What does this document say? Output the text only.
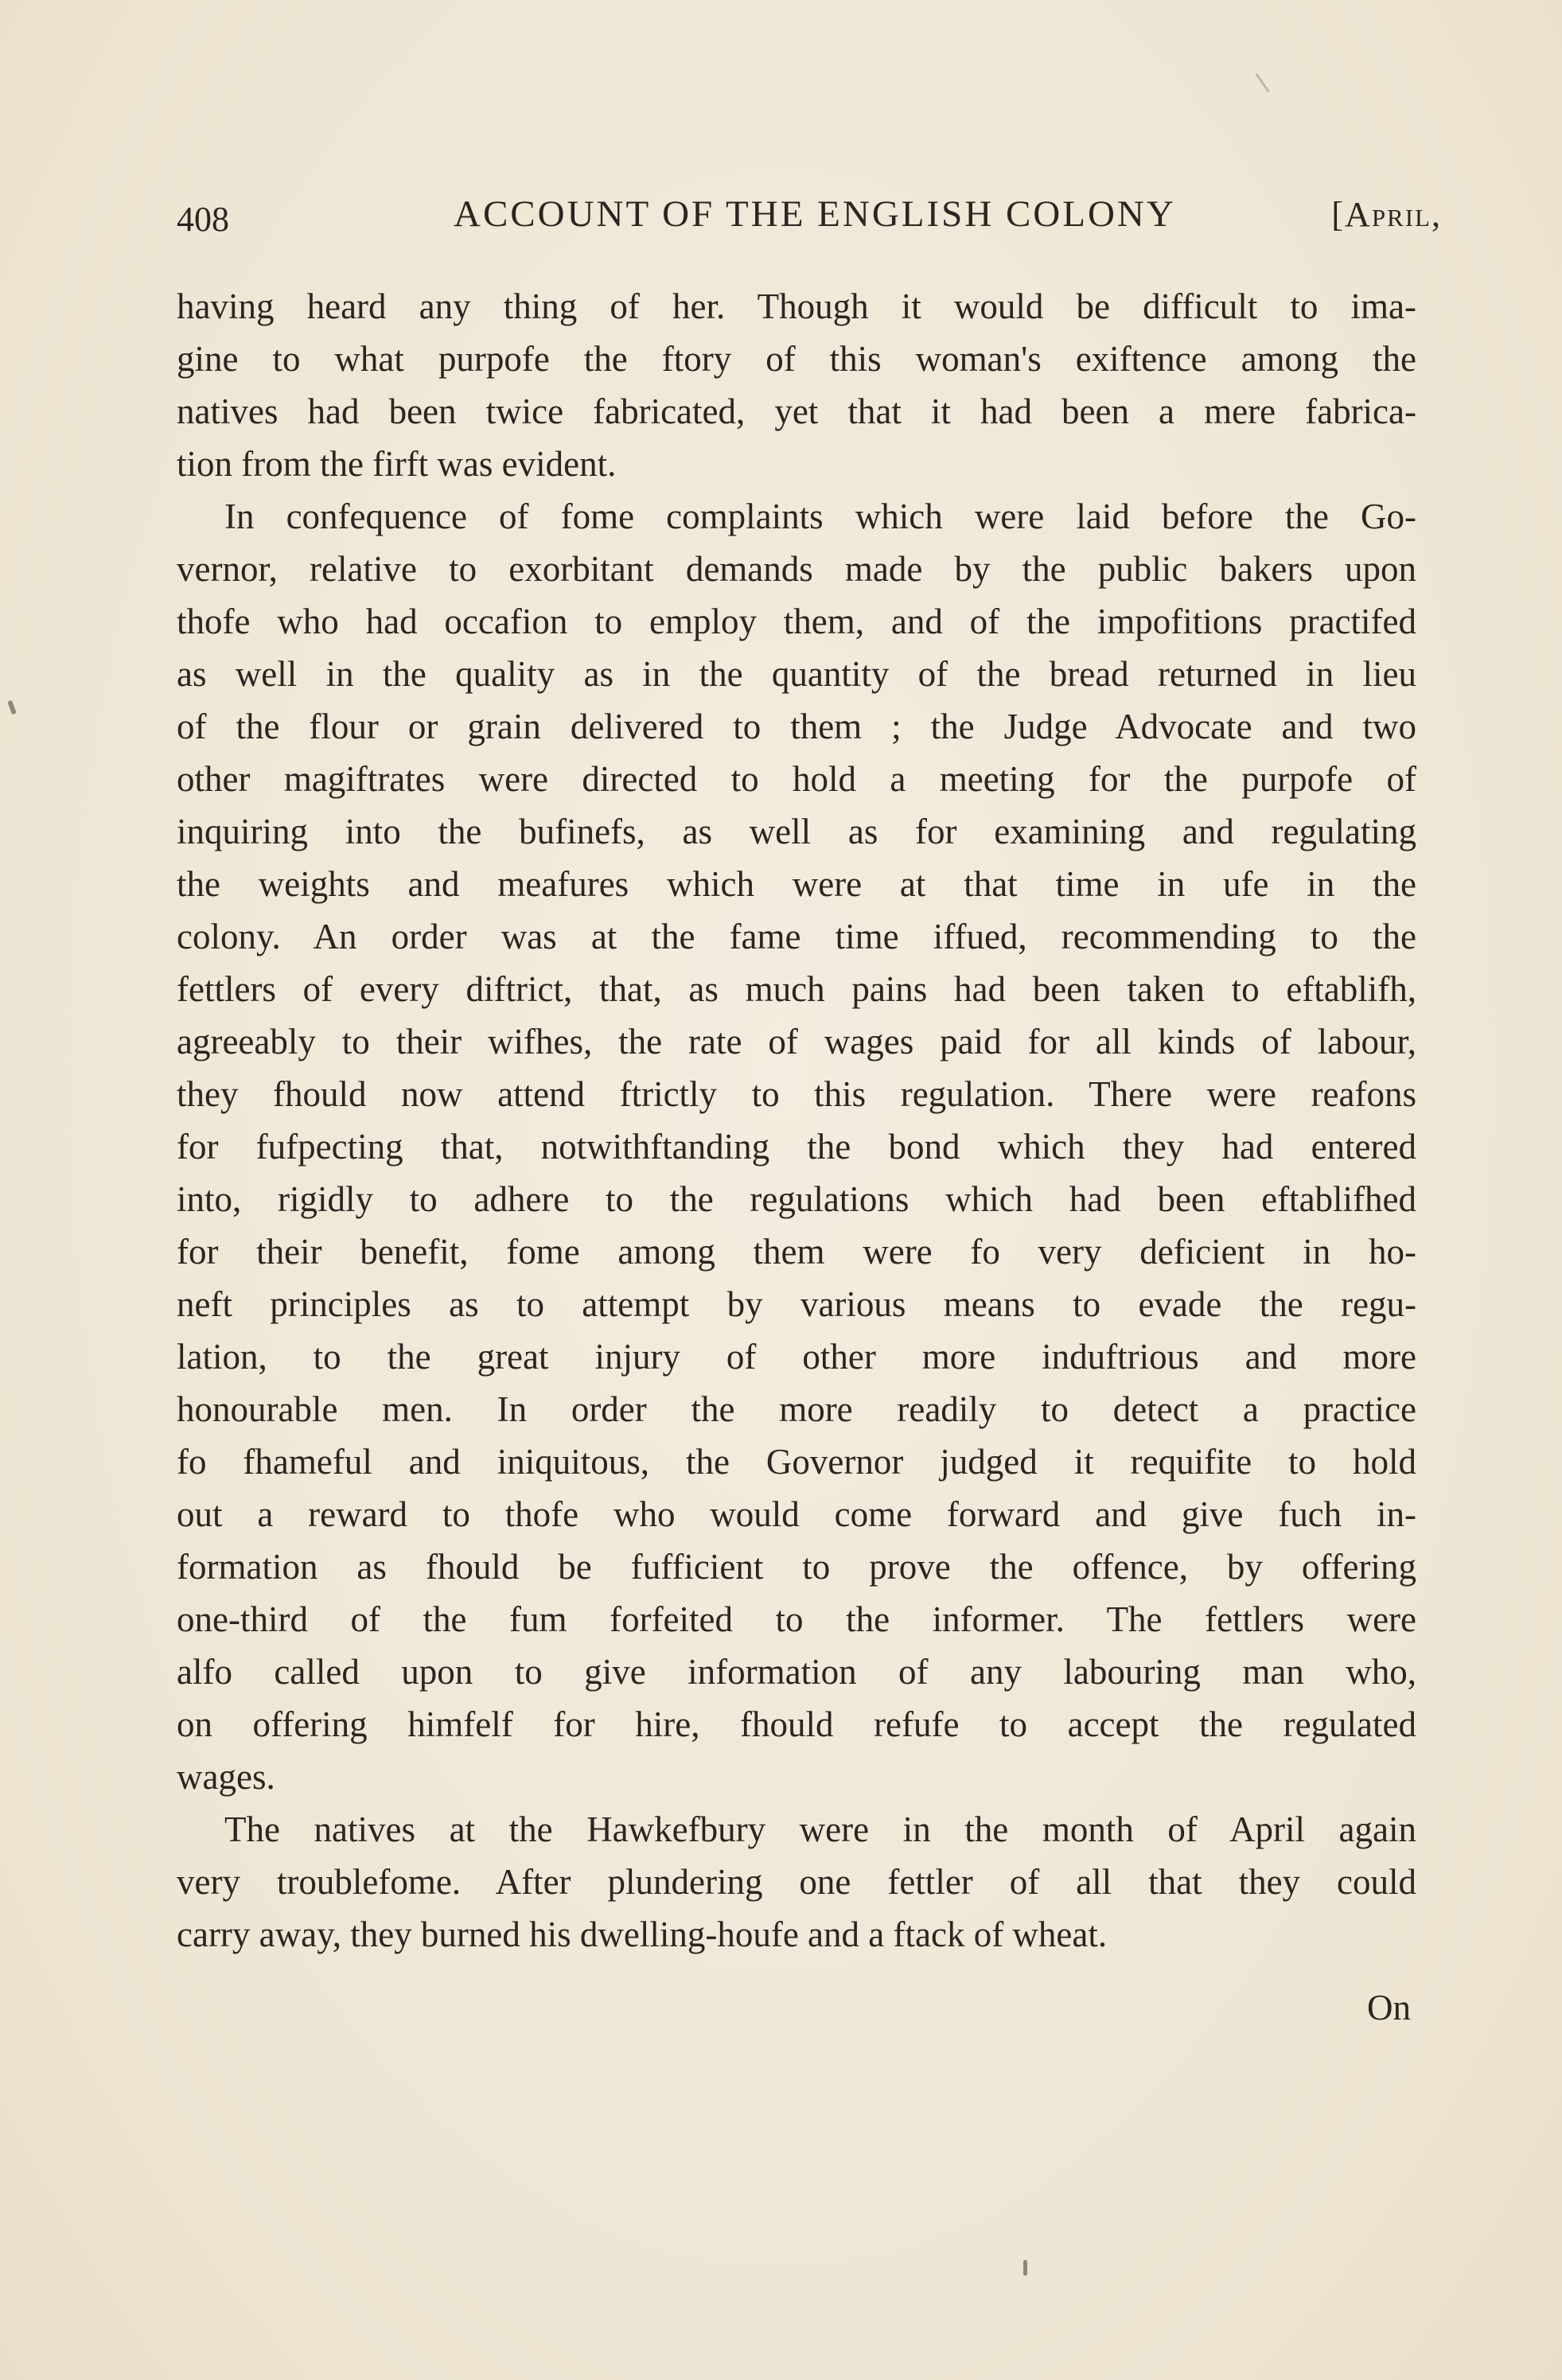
408	ACCOUNT OF THE ENGLISH COLONY	[April,
having heard any thing of her. Though it would be difficult to ima-
gine to what purpofe the ftory of this woman's exiftence among the
natives had been twice fabricated, yet that it had been a mere fabrica-
tion from the firft was evident.
In confequence of fome complaints which were laid before the Go-
vernor, relative to exorbitant demands made by the public bakers upon
thofe who had occafion to employ them, and of the impofitions practifed
as well in the quality as in the quantity of the bread returned in lieu
of the flour or grain delivered to them ; the Judge Advocate and two
other magiftrates were directed to hold a meeting for the purpofe of
inquiring into the bufinefs, as well as for examining and regulating
the weights and meafures which were at that time in ufe in the
colony. An order was at the fame time iffued, recommending to the
fettlers of every diftrict, that, as much pains had been taken to eftablifh,
agreeably to their wifhes, the rate of wages paid for all kinds of labour,
they fhould now attend ftrictly to this regulation. There were reafons
for fufpecting that, notwithftanding the bond which they had entered
into, rigidly to adhere to the regulations which had been eftablifhed
for their benefit, fome among them were fo very deficient in ho-
neft principles as to attempt by various means to evade the regu-
lation, to the great injury of other more induftrious and more
honourable men. In order the more readily to detect a practice
fo fhameful and iniquitous, the Governor judged it requifite to hold
out a reward to thofe who would come forward and give fuch in-
formation as fhould be fufficient to prove the offence, by offering
one-third of the fum forfeited to the informer. The fettlers were
alfo called upon to give information of any labouring man who,
on offering himfelf for hire, fhould refufe to accept the regulated
wages.
The natives at the Hawkefbury were in the month of April again
very troublefome. After plundering one fettler of all that they could
carry away, they burned his dwelling-houfe and a ftack of wheat.
On
